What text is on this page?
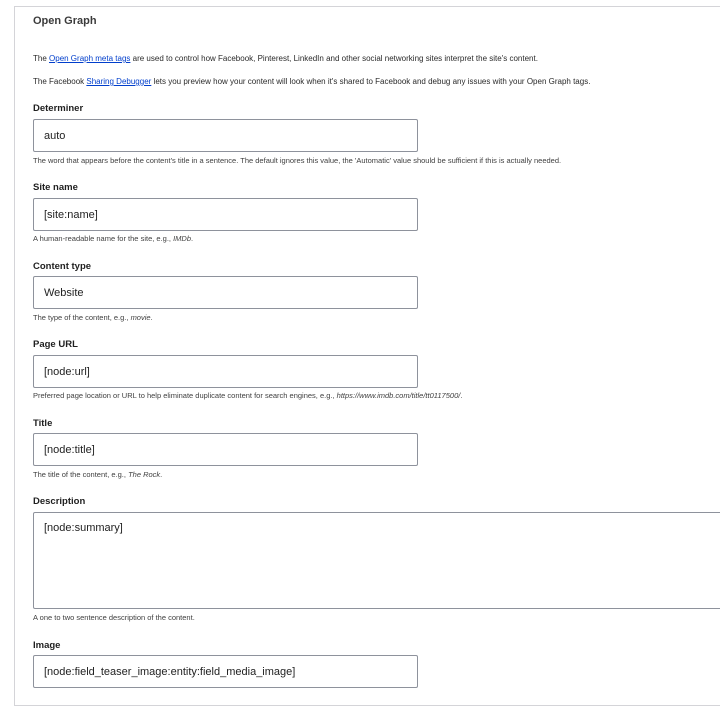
Open Graph
The Open Graph meta tags are used to control how Facebook, Pinterest, LinkedIn and other social networking sites interpret the site's content.
The Facebook Sharing Debugger lets you preview how your content will look when it's shared to Facebook and debug any issues with your Open Graph tags.
Determiner
auto
The word that appears before the content's title in a sentence. The default ignores this value, the 'Automatic' value should be sufficient if this is actually needed.
Site name
[site:name]
A human-readable name for the site, e.g., IMDb.
Content type
Website
The type of the content, e.g., movie.
Page URL
[node:url]
Preferred page location or URL to help eliminate duplicate content for search engines, e.g., https://www.imdb.com/title/tt0117500/.
Title
[node:title]
The title of the content, e.g., The Rock.
Description
[node:summary]
A one to two sentence description of the content.
Image
[node:field_teaser_image:entity:field_media_image]
